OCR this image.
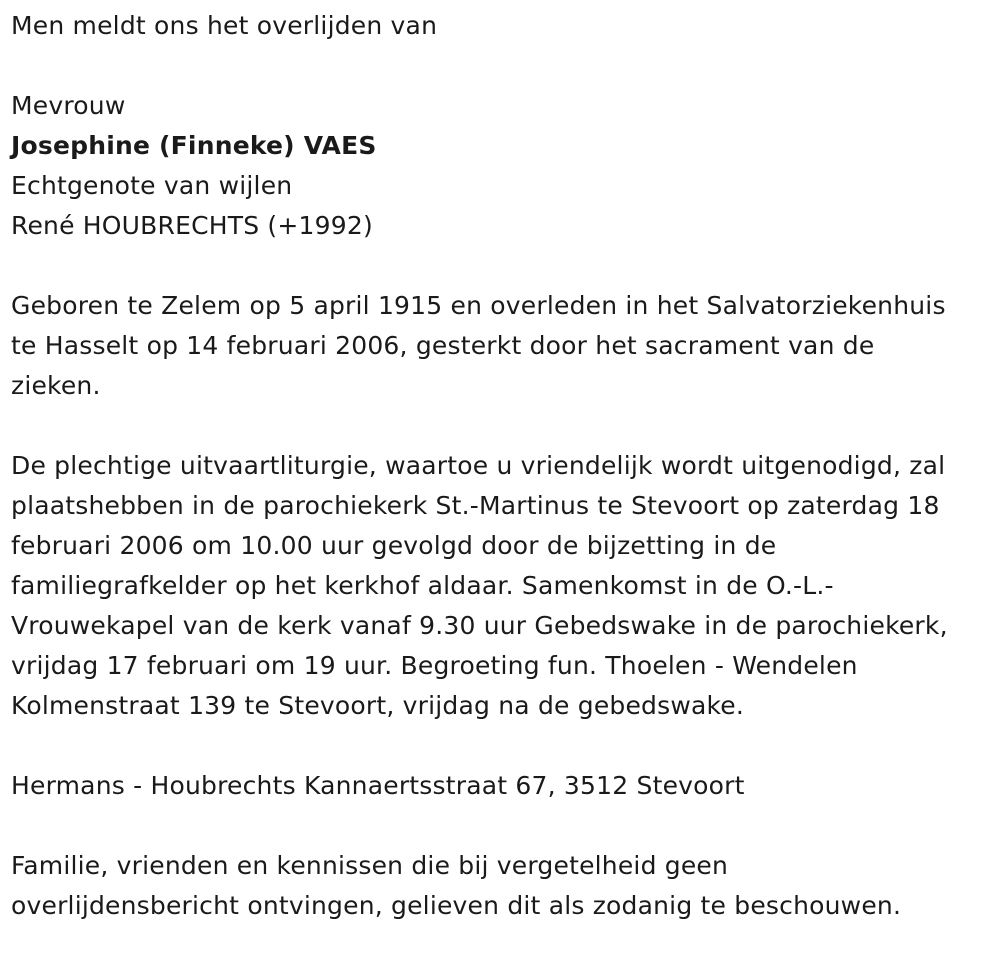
Men meldt ons het overlijden van

Mevrouw

Josephine (Finneke) VAES

Echtgenote van wijlen

René HOUBRECHTS (+1992)

Geboren te Zelem op 5 april 1915 en overleden in het Salvatorziekenhuis

te Hasselt op 14 februari 2006, gesterkt door het sacrament van de

zieken.

De plechtige uitvaartliturgie, waartoe u vriendelijk wordt uitgenodigd, zal

plaatshebben in de parochiekerk St.-Martinus te Stevoort op zaterdag 18

februari 2006 om 10.00 uur gevolgd door de bijzetting in de

familiegrafkelder op het kerkhof aldaar. Samenkomst in de O.-L.-

Vrouwekapel van de kerk vanaf 9.30 uur Gebedswake in de parochiekerk,

vrijdag 17 februari om 19 uur. Begroeting fun. Thoelen - Wendelen

Kolmenstraat 139 te Stevoort, vrijdag na de gebedswake.

Hermans - Houbrechts Kannaertsstraat 67, 3512 Stevoort

Familie, vrienden en kennissen die bij vergetelheid geen

overlijdensbericht ontvingen, gelieven dit als zodanig te beschouwen.
